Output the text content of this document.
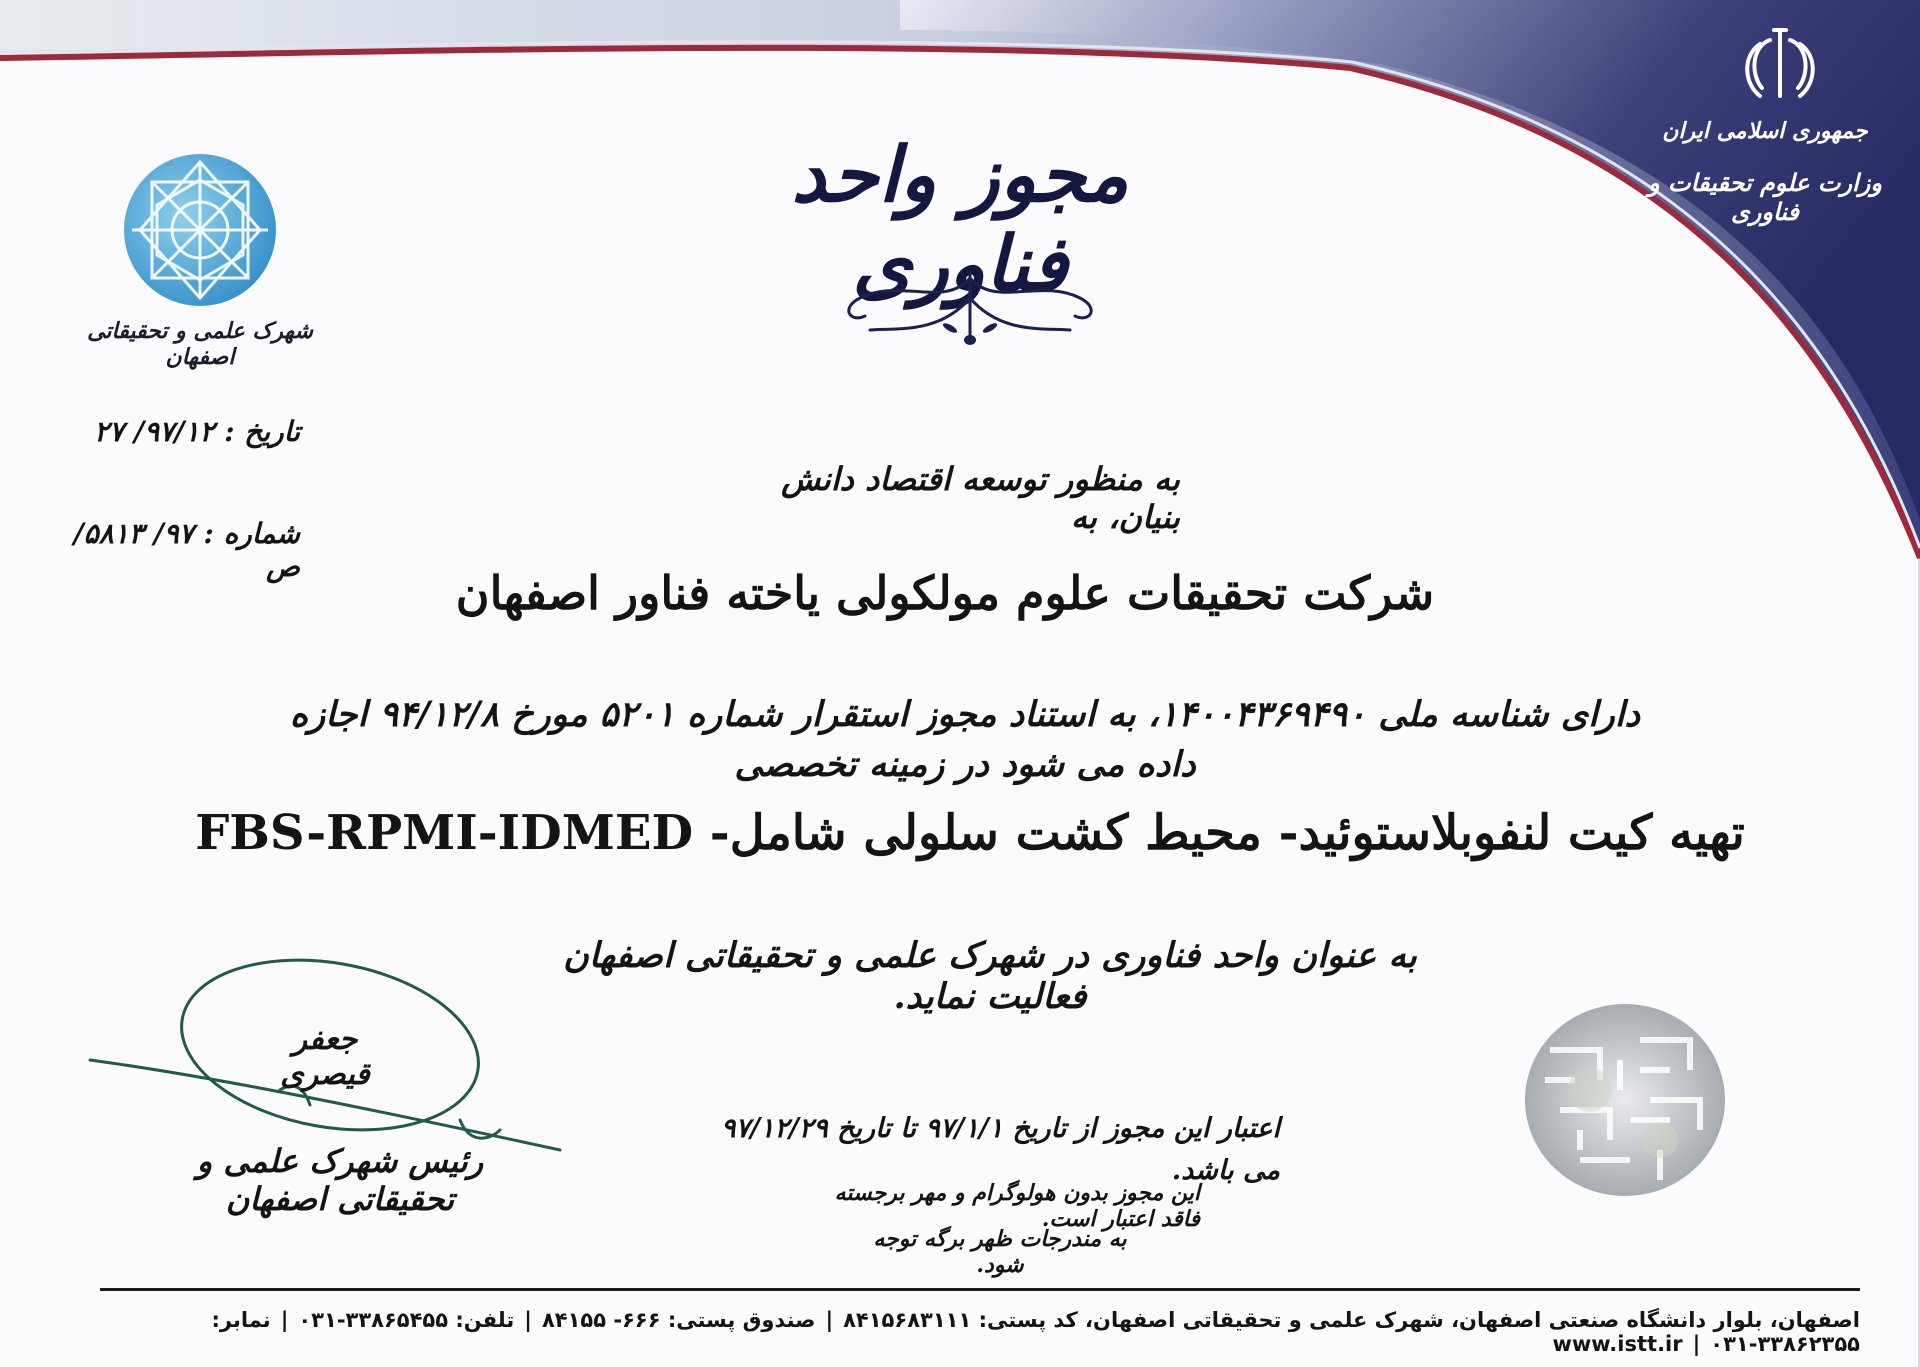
جمهوری اسلامی ایران
وزارت علوم تحقیقات و فناوری
شهرک علمی و تحقیقاتی اصفهان
مجوز واحد فناوری
تاریخ : ۹۷/۱۲/ ۲۷
شماره : ۹۷/ ۵۸۱۳/ص
به منظور توسعه اقتصاد دانش بنیان، به
شرکت تحقیقات علوم مولکولی یاخته فناور اصفهان
دارای شناسه ملی ۱۴۰۰۴۳۶۹۴۹۰، به استناد مجوز استقرار شماره ۵۲۰۱ مورخ ۹۴/۱۲/۸ اجازه داده می شود در زمینه تخصصی
تهیه کیت لنفوبلاستوئید- محیط کشت سلولی شامل- FBS-RPMI-IDMED
به عنوان واحد فناوری در شهرک علمی و تحقیقاتی اصفهان فعالیت نماید.
اعتبار این مجوز از تاریخ ۹۷/۱/۱ تا تاریخ ۹۷/۱۲/۲۹ می باشد.
این مجوز بدون هولوگرام و مهر برجسته فاقد اعتبار است.
به مندرجات ظهر برگه توجه شود.
جعفر قیصری
رئیس شهرک علمی و تحقیقاتی اصفهان
اصفهان، بلوار دانشگاه صنعتی اصفهان، شهرک علمی و تحقیقاتی اصفهان، کد پستی: ۸۴۱۵۶۸۳۱۱۱|صندوق پستی: ۶۶۶- ۸۴۱۵۵|تلفن: ۳۳۸۶۵۴۵۵-۰۳۱|نمابر: ۳۳۸۶۲۳۵۵-۰۳۱|www.istt.ir
